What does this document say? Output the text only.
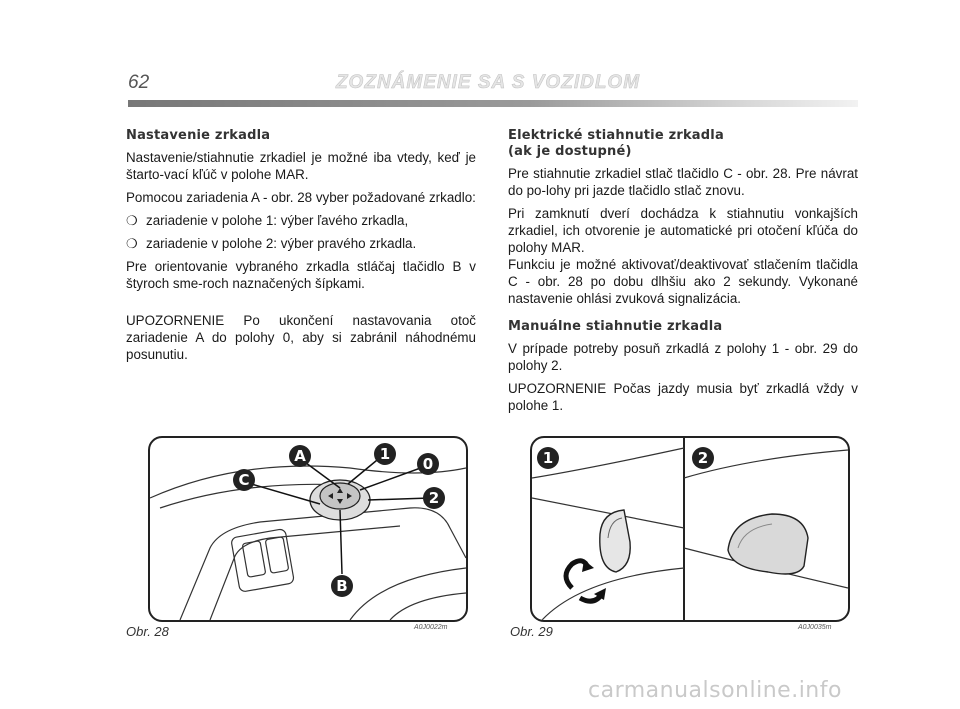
62	ZOZNÁMENIE SA S VOZIDLOM
Nastavenie zrkadla

Nastavenie/stiahnutie zrkadiel je možné iba vtedy, keď je štarto-vací kľúč v polohe MAR.

Pomocou zariadenia A - obr. 28 vyber požadované zrkadlo:

❍ zariadenie v polohe 1: výber ľavého zrkadla,
❍ zariadenie v polohe 2: výber pravého zrkadla.

Pre orientovanie vybraného zrkadla stláčaj tlačidlo B v štyroch sme-roch naznačených šípkami.

UPOZORNENIE Po ukončení nastavovania otoč zariadenie A do polohy 0, aby si zabránil náhodnému posunutiu.

Elektrické stiahnutie zrkadla
(ak je dostupné)

Pre stiahnutie zrkadiel stlač tlačidlo C - obr. 28. Pre návrat do po-lohy pri jazde tlačidlo stlač znovu.

Pri zamknutí dverí dochádza k stiahnutiu vonkajších zrkadiel, ich otvorenie je automatické pri otočení kľúča do polohy MAR.

Funkciu je možné aktivovať/deaktivovať stlačením tlačidla C - obr. 28 po dobu dlhšiu ako 2 sekundy. Vykonané nastavenie ohlási zvuková signalizácia.

Manuálne stiahnutie zrkadla

V prípade potreby posuň zrkadlá z polohy 1 - obr. 29 do polohy 2.

UPOZORNENIE Počas jazdy musia byť zrkadlá vždy v polohe 1.

A	1
0
C
2
B
Obr. 28	A0J0022m
1	2
Obr. 29	A0J0035m
carmanualsonline.info
